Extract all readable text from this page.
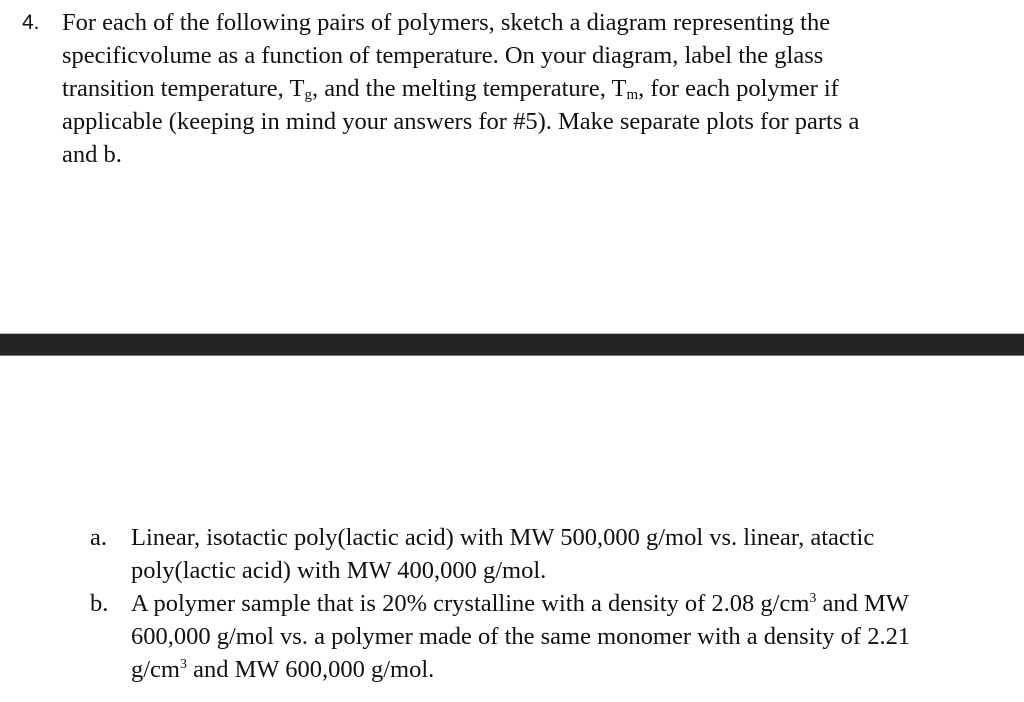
4. For each of the following pairs of polymers, sketch a diagram representing the
specificvolume as a function of temperature. On your diagram, label the glass
transition temperature, $T_g$, and the melting temperature, $T_m$, for each polymer if
applicable (keeping in mind your answers for #5). Make separate plots for parts a
and b.
a. Linear, isotactic poly(lactic acid) with MW 500,000 g/mol vs. linear, atactic
poly(lactic acid) with MW 400,000 g/mol.
b. A polymer sample that is 20% crystalline with a density of 2.08 $g/cm^3$ and MW
600,000 g/mol vs. a polymer made of the same monomer with a density of 2.21
$g/cm^3$ and MW 600,000 g/mol.
